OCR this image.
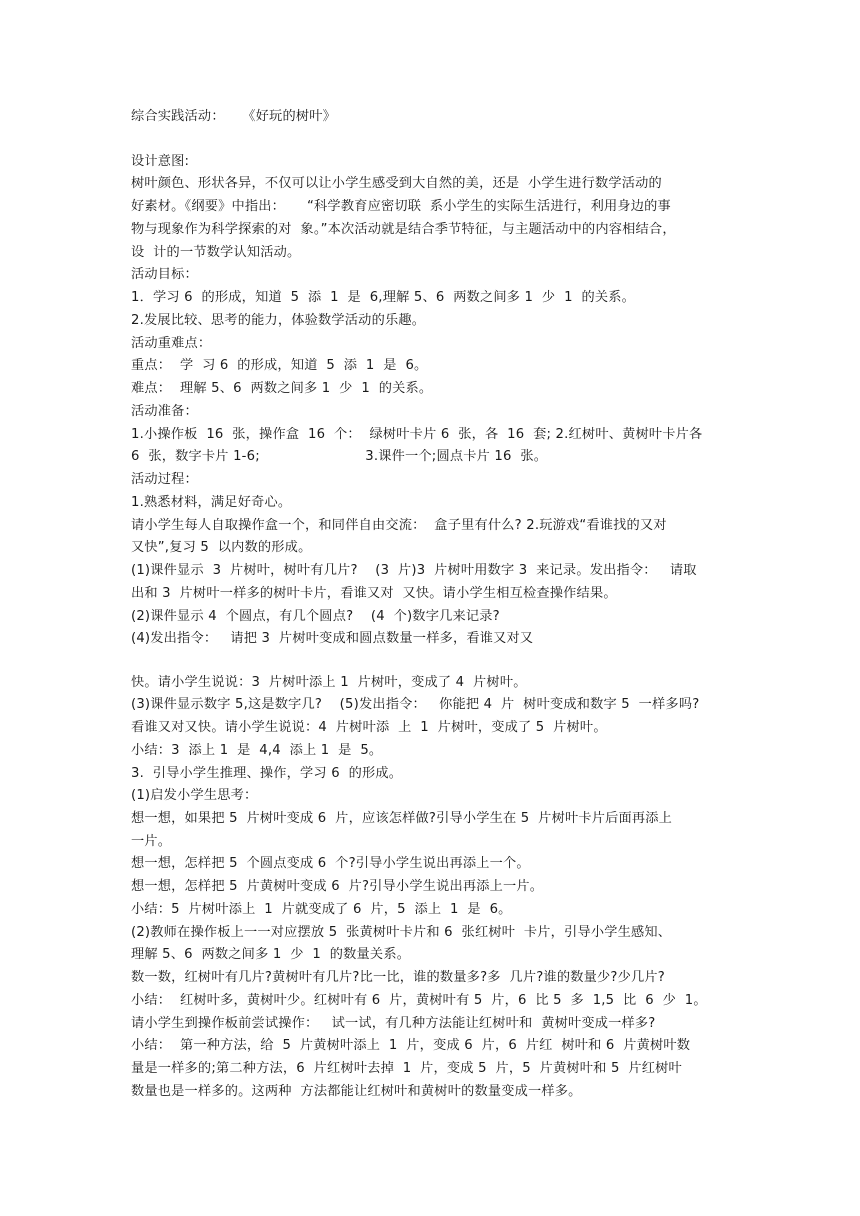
综合实践活动：    《好玩的树叶》
设计意图:
树叶颜色、形状各异，不仅可以让小学生感受到大自然的美，还是  小学生进行数学活动的
好素材。《纲要》中指出：     “科学教育应密切联  系小学生的实际生活进行，利用身边的事
物与现象作为科学探索的对  象。”本次活动就是结合季节特征，与主题活动中的内容相结合，
设  计的一节数学认知活动。
活动目标：
1．学习 6  的形成，知道  5  添  1  是  6,理解 5、6  两数之间多 1  少  1  的关系。
2.发展比较、思考的能力，体验数学活动的乐趣。
活动重难点：
重点：  学  习 6  的形成，知道  5  添  1  是  6。
难点：  理解 5、6  两数之间多 1  少  1  的关系。
活动准备：
1.小操作板  16  张，操作盒  16  个：  绿树叶卡片 6  张，各  16  套; 2.红树叶、黄树叶卡片各
6  张，数字卡片 1-6;                        3.课件一个;圆点卡片 16  张。
活动过程：
1.熟悉材料，满足好奇心。
请小学生每人自取操作盒一个，和同伴自由交流：  盒子里有什么? 2.玩游戏“看谁找的又对
又快”,复习 5  以内数的形成。
(1)课件显示  3  片树叶，树叶有几片?    (3  片)3  片树叶用数字 3  来记录。发出指令：   请取
出和 3  片树叶一样多的树叶卡片，看谁又对  又快。请小学生相互检查操作结果。
(2)课件显示 4  个圆点，有几个圆点?    (4  个)数字几来记录?
(4)发出指令：   请把 3  片树叶变成和圆点数量一样多，看谁又对又
快。请小学生说说：3  片树叶添上 1  片树叶，变成了 4  片树叶。
(3)课件显示数字 5,这是数字几?    (5)发出指令：   你能把 4  片  树叶变成和数字 5  一样多吗?
看谁又对又快。请小学生说说：4  片树叶添  上  1  片树叶，变成了 5  片树叶。
小结：3  添上 1  是  4,4  添上 1  是  5。
3.  引导小学生推理、操作，学习 6  的形成。
(1)启发小学生思考：
想一想，如果把 5  片树叶变成 6  片，应该怎样做?引导小学生在 5  片树叶卡片后面再添上
一片。
想一想，怎样把 5  个圆点变成 6  个?引导小学生说出再添上一个。
想一想，怎样把 5  片黄树叶变成 6  片?引导小学生说出再添上一片。
小结：5  片树叶添上  1  片就变成了 6  片，5  添上  1  是  6。
(2)教师在操作板上一一对应摆放 5  张黄树叶卡片和 6  张红树叶  卡片，引导小学生感知、
理解 5、6  两数之间多 1  少  1  的数量关系。
数一数，红树叶有几片?黄树叶有几片?比一比，谁的数量多?多  几片?谁的数量少?少几片?
小结：  红树叶多，黄树叶少。红树叶有 6  片，黄树叶有 5  片，6  比 5  多  1,5  比  6  少  1。
请小学生到操作板前尝试操作：   试一试，有几种方法能让红树叶和  黄树叶变成一样多?
小结：  第一种方法，给  5  片黄树叶添上  1  片，变成 6  片，6  片红  树叶和 6  片黄树叶数
量是一样多的;第二种方法，6  片红树叶去掉  1  片，变成 5  片，5  片黄树叶和 5  片红树叶
数量也是一样多的。这两种  方法都能让红树叶和黄树叶的数量变成一样多。
